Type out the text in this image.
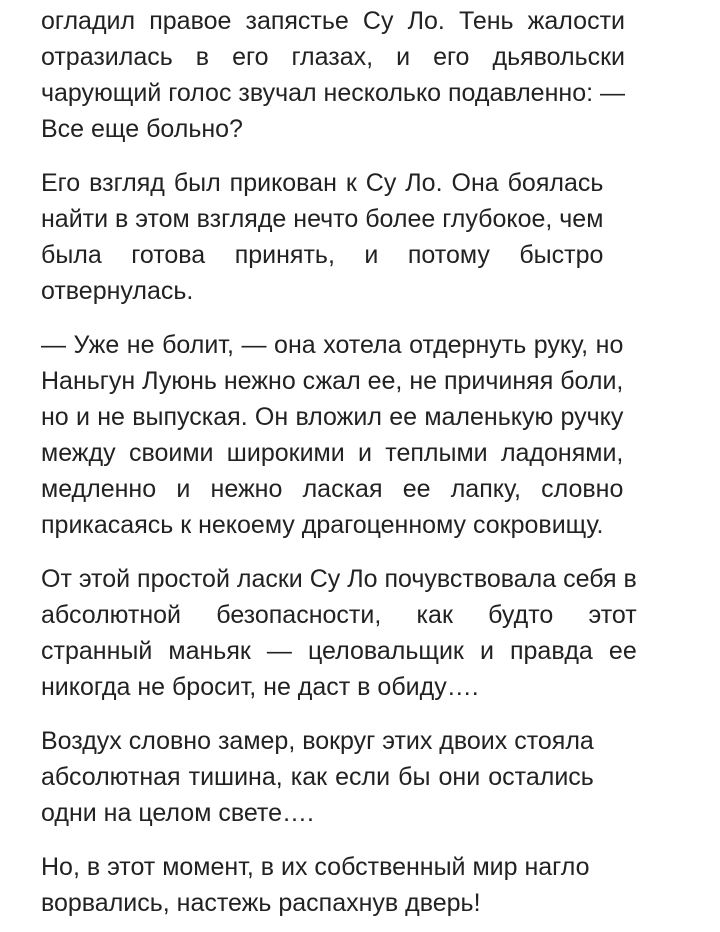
огладил правое запястье Су Ло. Тень жалости
отразилась в его глазах, и его дьявольски
чарующий голос звучал несколько подавленно: —
Все еще больно?

Его взгляд был прикован к Су Ло. Она боялась
найти в этом взгляде нечто более глубокое, чем
была готова принять, и потому быстро
отвернулась.

— Уже не болит, — она хотела отдернуть руку, но
Наньгун Луюнь нежно сжал ее, не причиняя боли,
но и не выпуская. Он вложил ее маленькую ручку
между своими широкими и теплыми ладонями,
медленно и нежно лаская ее лапку, словно
прикасаясь к некоему драгоценному сокровищу.

От этой простой ласки Су Ло почувствовала себя в
абсолютной безопасности, как будто этот
странный маньяк — целовальщик и правда ее
никогда не бросит, не даст в обиду….

Воздух словно замер, вокруг этих двоих стояла
абсолютная тишина, как если бы они остались
одни на целом свете….

Но, в этот момент, в их собственный мир нагло
ворвались, настежь распахнув дверь!
